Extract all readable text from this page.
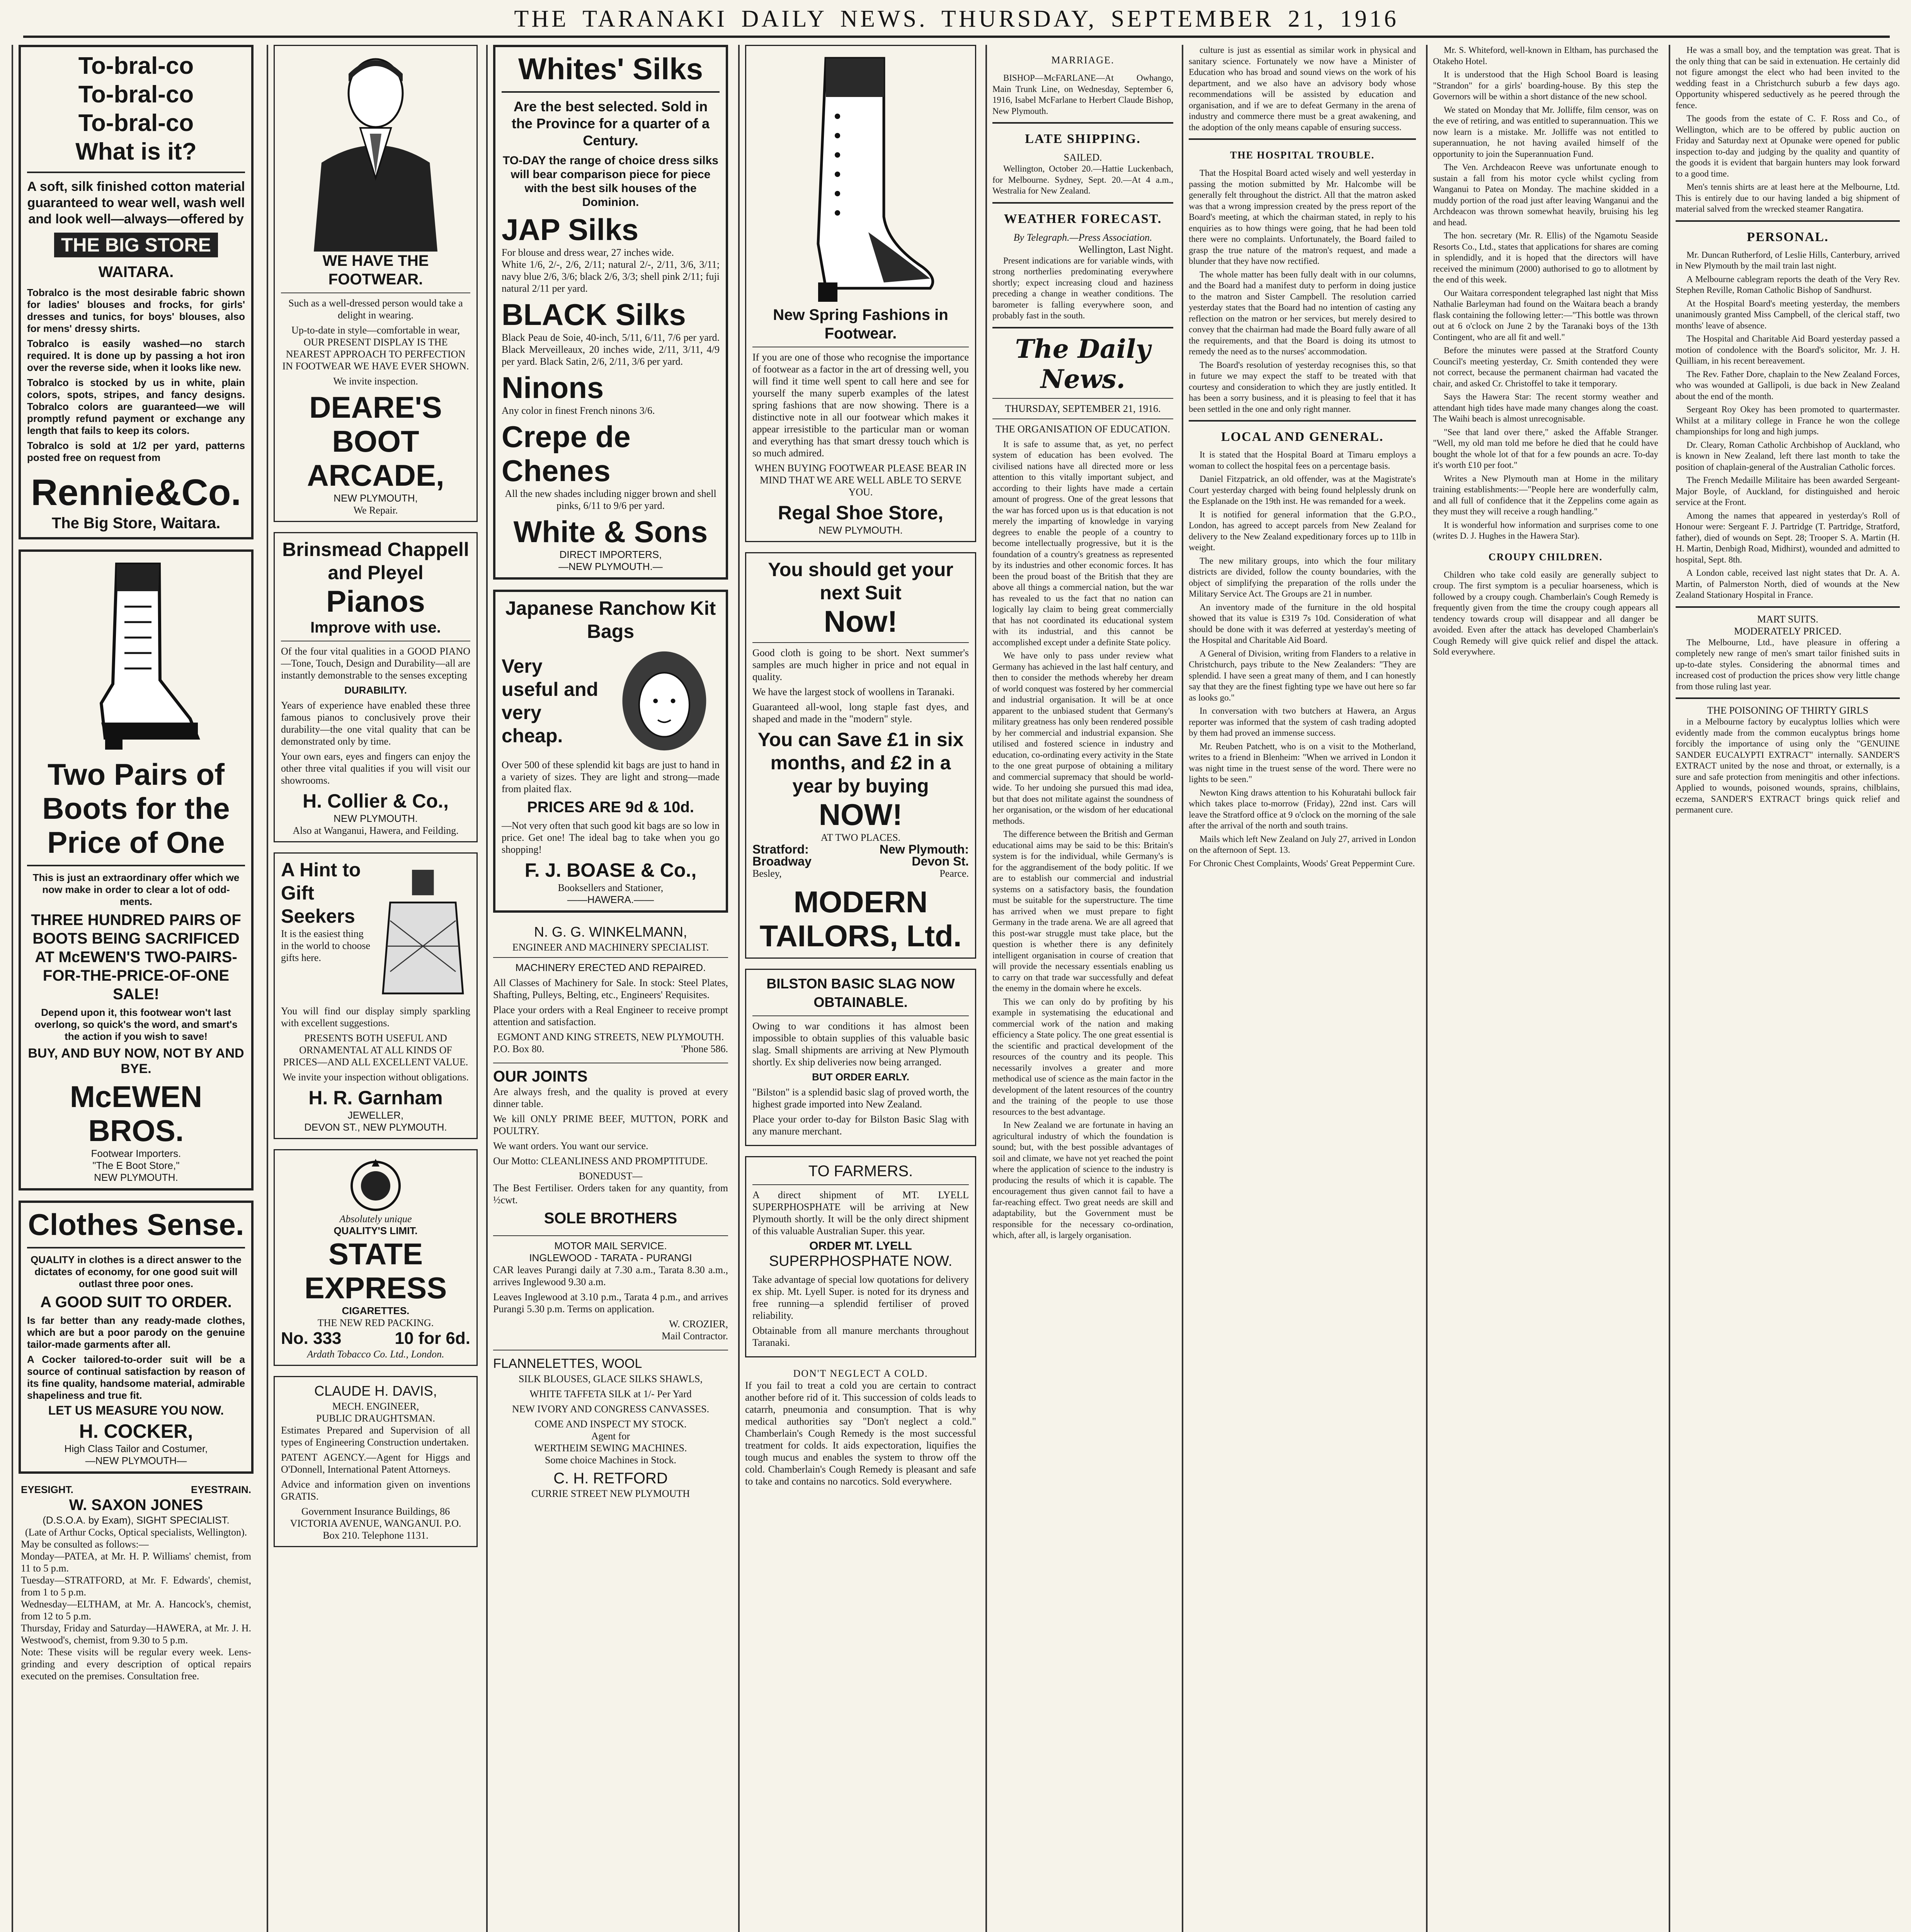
THE TARANAKI DAILY NEWS. THURSDAY, SEPTEMBER 21, 1916
To-bral-co
To-bral-co
To-bral-co
What is it?
A soft, silk finished cotton material guaranteed to wear well, wash well and look well—always—offered by
THE BIG STORE
WAITARA.
Tobralco is the most desirable fabric shown for ladies' blouses and frocks, for girls' dresses and tunics, for boys' blouses, also for mens' dressy shirts.
Tobralco is easily washed—no starch required. It is done up by passing a hot iron over the reverse side, when it looks like new.
Tobralco is stocked by us in white, plain colors, spots, stripes, and fancy designs. Tobralco colors are guaranteed—we will promptly refund payment or exchange any length that fails to keep its colors.
Tobralco is sold at 1/2 per yard, patterns posted free on request from
Rennie&Co.
The Big Store, Waitara.
Two Pairs of Boots for the Price of One
This is just an extraordinary offer which we now make in order to clear a lot of odd-ments.
THREE HUNDRED PAIRS OF BOOTS BEING SACRIFICED AT McEWEN'S TWO-PAIRS-FOR-THE-PRICE-OF-ONE SALE!
Depend upon it, this footwear won't last overlong, so quick's the word, and smart's the action if you wish to save!
BUY, AND BUY NOW, NOT BY AND BYE.
McEWEN BROS.
Footwear Importers.
"The E Boot Store,"
NEW PLYMOUTH.
Clothes Sense.
QUALITY in clothes is a direct answer to the dictates of economy, for one good suit will outlast three poor ones.
A GOOD SUIT TO ORDER.
Is far better than any ready-made clothes, which are but a poor parody on the genuine tailor-made garments after all.
A Cocker tailored-to-order suit will be a source of continual satisfaction by reason of its fine quality, handsome material, admirable shapeliness and true fit.
LET US MEASURE YOU NOW.
H. COCKER,
High Class Tailor and Costumer,
—NEW PLYMOUTH—
EYESIGHT.	EYESTRAIN.
W. SAXON JONES
(D.S.O.A. by Exam), SIGHT SPECIALIST.
(Late of Arthur Cocks, Optical specialists, Wellington).
May be consulted as follows:—
Monday—PATEA, at Mr. H. P. Williams' chemist, from 11 to 5 p.m.
Tuesday—STRATFORD, at Mr. F. Edwards', chemist, from 1 to 5 p.m.
Wednesday—ELTHAM, at Mr. A. Hancock's, chemist, from 12 to 5 p.m.
Thursday, Friday and Saturday—HAWERA, at Mr. J. H. Westwood's, chemist, from 9.30 to 5 p.m.
Note: These visits will be regular every week. Lens-grinding and every description of optical repairs executed on the premises. Consultation free.
WE HAVE THE FOOTWEAR.
Such as a well-dressed person would take a delight in wearing.
Up-to-date in style—comfortable in wear, OUR PRESENT DISPLAY IS THE NEAREST APPROACH TO PERFECTION IN FOOTWEAR WE HAVE EVER SHOWN.
We invite inspection.
DEARE'S BOOT ARCADE,
NEW PLYMOUTH,
We Repair.
Brinsmead Chappell and Pleyel
Pianos
Improve with use.
Of the four vital qualities in a GOOD PIANO—Tone, Touch, Design and Durability—all are instantly demonstrable to the senses excepting
DURABILITY.
Years of experience have enabled these three famous pianos to conclusively prove their durability—the one vital quality that can be demonstrated only by time.
Your own ears, eyes and fingers can enjoy the other three vital qualities if you will visit our showrooms.
H. Collier & Co.,
NEW PLYMOUTH.
Also at Wanganui, Hawera, and Feilding.
A Hint to Gift Seekers
It is the easiest thing in the world to choose gifts here.
You will find our display simply sparkling with excellent suggestions.
PRESENTS BOTH USEFUL AND ORNAMENTAL AT ALL KINDS OF PRICES—AND ALL EXCELLENT VALUE.
We invite your inspection without obligations.
H. R. Garnham
JEWELLER,
DEVON ST., NEW PLYMOUTH.
Absolutely unique
QUALITY'S LIMIT.
STATE EXPRESS
CIGARETTES.
THE NEW RED PACKING.
No. 333	10 for 6d.
Ardath Tobacco Co. Ltd., London.
CLAUDE H. DAVIS,
MECH. ENGINEER,
PUBLIC DRAUGHTSMAN.
Estimates Prepared and Supervision of all types of Engineering Construction undertaken.
PATENT AGENCY.—Agent for Higgs and O'Donnell, International Patent Attorneys.
Advice and information given on inventions GRATIS.
Government Insurance Buildings, 86 VICTORIA AVENUE, WANGANUI. P.O. Box 210. Telephone 1131.
Whites' Silks
Are the best selected. Sold in the Province for a quarter of a Century.
TO-DAY the range of choice dress silks will bear comparison piece for piece with the best silk houses of the Dominion.
JAP Silks
For blouse and dress wear, 27 inches wide.
White 1/6, 2/-, 2/6, 2/11; natural 2/-, 2/11, 3/6, 3/11; navy blue 2/6, 3/6; black 2/6, 3/3; shell pink 2/11; fuji natural 2/11 per yard.
BLACK Silks
Black Peau de Soie, 40-inch, 5/11, 6/11, 7/6 per yard. Black Merveilleaux, 20 inches wide, 2/11, 3/11, 4/9 per yard. Black Satin, 2/6, 2/11, 3/6 per yard.
Ninons
Any color in finest French ninons 3/6.
Crepe de Chenes
All the new shades including nigger brown and shell pinks, 6/11 to 9/6 per yard.
White & Sons
DIRECT IMPORTERS,
—NEW PLYMOUTH.—
Japanese Ranchow Kit Bags
Very useful and very cheap.
Over 500 of these splendid kit bags are just to hand in a variety of sizes. They are light and strong—made from plaited flax.
PRICES ARE 9d & 10d.
—Not very often that such good kit bags are so low in price. Get one! The ideal bag to take when you go shopping!
F. J. BOASE & Co.,
Booksellers and Stationer,
——HAWERA.——
N. G. G. WINKELMANN,
ENGINEER AND MACHINERY SPECIALIST.
MACHINERY ERECTED AND REPAIRED.
All Classes of Machinery for Sale. In stock: Steel Plates, Shafting, Pulleys, Belting, etc., Engineers' Requisites.
Place your orders with a Real Engineer to receive prompt attention and satisfaction.
EGMONT AND KING STREETS, NEW PLYMOUTH.
P.O. Box 80.	'Phone 586.
OUR JOINTS
Are always fresh, and the quality is proved at every dinner table.
We kill ONLY PRIME BEEF, MUTTON, PORK and POULTRY.
We want orders. You want our service.
Our Motto: CLEANLINESS AND PROMPTITUDE.
BONEDUST—
The Best Fertiliser. Orders taken for any quantity, from ½cwt.
SOLE BROTHERS
MOTOR MAIL SERVICE.
INGLEWOOD - TARATA - PURANGI
CAR leaves Purangi daily at 7.30 a.m., Tarata 8.30 a.m., arrives Inglewood 9.30 a.m.
Leaves Inglewood at 3.10 p.m., Tarata 4 p.m., and arrives Purangi 5.30 p.m. Terms on application.
W. CROZIER,
Mail Contractor.
FLANNELETTES, WOOL
SILK BLOUSES, GLACE SILKS SHAWLS,
WHITE TAFFETA SILK at 1/- Per Yard
NEW IVORY AND CONGRESS CANVASSES.
COME AND INSPECT MY STOCK.
Agent for
WERTHEIM SEWING MACHINES.
Some choice Machines in Stock.
C. H. RETFORD
CURRIE STREET NEW PLYMOUTH
New Spring Fashions in Footwear.
If you are one of those who recognise the importance of footwear as a factor in the art of dressing well, you will find it time well spent to call here and see for yourself the many superb examples of the latest spring fashions that are now showing. There is a distinctive note in all our footwear which makes it appear irresistible to the particular man or woman and everything has that smart dressy touch which is so much admired.
WHEN BUYING FOOTWEAR PLEASE BEAR IN MIND THAT WE ARE WELL ABLE TO SERVE YOU.
Regal Shoe Store,
NEW PLYMOUTH.
You should get your next Suit
Now!
Good cloth is going to be short. Next summer's samples are much higher in price and not equal in quality.
We have the largest stock of woollens in Taranaki.
Guaranteed all-wool, long staple fast dyes, and shaped and made in the "modern" style.
You can Save £1 in six months, and £2 in a year by buying
NOW!
AT TWO PLACES.
Stratford:	New Plymouth:
Broadway	Devon St.
Besley,	Pearce.
MODERN TAILORS, Ltd.
BILSTON BASIC SLAG NOW OBTAINABLE.
Owing to war conditions it has almost been impossible to obtain supplies of this valuable basic slag. Small shipments are arriving at New Plymouth shortly. Ex ship deliveries now being arranged.
BUT ORDER EARLY.
"Bilston" is a splendid basic slag of proved worth, the highest grade imported into New Zealand.
Place your order to-day for Bilston Basic Slag with any manure merchant.
TO FARMERS.
A direct shipment of MT. LYELL SUPERPHOSPHATE will be arriving at New Plymouth shortly. It will be the only direct shipment of this valuable Australian Super. this year.
ORDER MT. LYELL
SUPERPHOSPHATE NOW.
Take advantage of special low quotations for delivery ex ship. Mt. Lyell Super. is noted for its dryness and free running—a splendid fertiliser of proved reliability.
Obtainable from all manure merchants throughout Taranaki.
DON'T NEGLECT A COLD.
If you fail to treat a cold you are certain to contract another before rid of it. This succession of colds leads to catarrh, pneumonia and consumption. That is why medical authorities say "Don't neglect a cold." Chamberlain's Cough Remedy is the most successful treatment for colds. It aids expectoration, liquifies the tough mucus and enables the system to throw off the cold. Chamberlain's Cough Remedy is pleasant and safe to take and contains no narcotics. Sold everywhere.
MARRIAGE.

BISHOP—McFARLANE—At Owhango, Main Trunk Line, on Wednesday, September 6, 1916, Isabel McFarlane to Herbert Claude Bishop, New Plymouth.

LATE SHIPPING.
SAILED.

Wellington, October 20.—Hattie Luckenbach, for Melbourne. Sydney, Sept. 20.—At 4 a.m., Westralia for New Zealand.

WEATHER FORECAST.
By Telegraph.—Press Association.
Wellington, Last Night.

Present indications are for variable winds, with strong northerlies predominating everywhere shortly; expect increasing cloud and haziness preceding a change in weather conditions. The barometer is falling everywhere soon, and probably fast in the south.

The Daily News.
THURSDAY, SEPTEMBER 21, 1916.
THE ORGANISATION OF EDUCATION.

It is safe to assume that, as yet, no perfect system of education has been evolved. The civilised nations have all directed more or less attention to this vitally important subject, and according to their lights have made a certain amount of progress. One of the great lessons that the war has forced upon us is that education is not merely the imparting of knowledge in varying degrees to enable the people of a country to become intellectually progressive, but it is the foundation of a country's greatness as represented by its industries and other economic forces. It has been the proud boast of the British that they are above all things a commercial nation, but the war has revealed to us the fact that no nation can logically lay claim to being great commercially that has not coordinated its educational system with its industrial, and this cannot be accomplished except under a definite State policy.

We have only to pass under review what Germany has achieved in the last half century, and then to consider the methods whereby her dream of world conquest was fostered by her commercial and industrial organisation. It will be at once apparent to the unbiased student that Germany's military greatness has only been rendered possible by her commercial and industrial expansion. She utilised and fostered science in industry and education, co-ordinating every activity in the State to the one great purpose of obtaining a military and commercial supremacy that should be world-wide. To her undoing she pursued this mad idea, but that does not militate against the soundness of her organisation, or the wisdom of her educational methods.

The difference between the British and German educational aims may be said to be this: Britain's system is for the individual, while Germany's is for the aggrandisement of the body politic. If we are to establish our commercial and industrial systems on a satisfactory basis, the foundation must be suitable for the superstructure. The time has arrived when we must prepare to fight Germany in the trade arena. We are all agreed that this post-war struggle must take place, but the question is whether there is any definitely intelligent organisation in course of creation that will provide the necessary essentials enabling us to carry on that trade war successfully and defeat the enemy in the domain where he excels.

This we can only do by profiting by his example in systematising the educational and commercial work of the nation and making efficiency a State policy. The one great essential is the scientific and practical development of the resources of the country and its people. This necessarily involves a greater and more methodical use of science as the main factor in the development of the latent resources of the country and the training of the people to use those resources to the best advantage.

In New Zealand we are fortunate in having an agricultural industry of which the foundation is sound; but, with the best possible advantages of soil and climate, we have not yet reached the point where the application of science to the industry is producing the results of which it is capable. The encouragement thus given cannot fail to have a far-reaching effect. Two great needs are skill and adaptability, but the Government must be responsible for the necessary co-ordination, which, after all, is largely organisation.

culture is just as essential as similar work in physical and sanitary science. Fortunately we now have a Minister of Education who has broad and sound views on the work of his department, and we also have an advisory body whose recommendations will be assisted by education and organisation, and if we are to defeat Germany in the arena of industry and commerce there must be a great awakening, and the adoption of the only means capable of ensuring success.

THE HOSPITAL TROUBLE.

That the Hospital Board acted wisely and well yesterday in passing the motion submitted by Mr. Halcombe will be generally felt throughout the district. All that the matron asked was that a wrong impression created by the press report of the Board's meeting, at which the chairman stated, in reply to his enquiries as to how things were going, that he had been told there were no complaints. Unfortunately, the Board failed to grasp the true nature of the matron's request, and made a blunder that they have now rectified.

The whole matter has been fully dealt with in our columns, and the Board had a manifest duty to perform in doing justice to the matron and Sister Campbell. The resolution carried yesterday states that the Board had no intention of casting any reflection on the matron or her services, but merely desired to convey that the chairman had made the Board fully aware of all the requirements, and that the Board is doing its utmost to remedy the need as to the nurses' accommodation.

The Board's resolution of yesterday recognises this, so that in future we may expect the staff to be treated with that courtesy and consideration to which they are justly entitled. It has been a sorry business, and it is pleasing to feel that it has been settled in the one and only right manner.

LOCAL AND GENERAL.

It is stated that the Hospital Board at Timaru employs a woman to collect the hospital fees on a percentage basis.

Daniel Fitzpatrick, an old offender, was at the Magistrate's Court yesterday charged with being found helplessly drunk on the Esplanade on the 19th inst. He was remanded for a week.

It is notified for general information that the G.P.O., London, has agreed to accept parcels from New Zealand for delivery to the New Zealand expeditionary forces up to 11lb in weight.

The new military groups, into which the four military districts are divided, follow the county boundaries, with the object of simplifying the preparation of the rolls under the Military Service Act. The Groups are 21 in number.

An inventory made of the furniture in the old hospital showed that its value is £319 7s 10d. Consideration of what should be done with it was deferred at yesterday's meeting of the Hospital and Charitable Aid Board.

A General of Division, writing from Flanders to a relative in Christchurch, pays tribute to the New Zealanders: "They are splendid. I have seen a great many of them, and I can honestly say that they are the finest fighting type we have out here so far as looks go."

In conversation with two butchers at Hawera, an Argus reporter was informed that the system of cash trading adopted by them had proved an immense success.

Mr. Reuben Patchett, who is on a visit to the Motherland, writes to a friend in Blenheim: "When we arrived in London it was night time in the truest sense of the word. There were no lights to be seen."

Newton King draws attention to his Kohuratahi bullock fair which takes place to-morrow (Friday), 22nd inst. Cars will leave the Stratford office at 9 o'clock on the morning of the sale after the arrival of the north and south trains.

Mails which left New Zealand on July 27, arrived in London on the afternoon of Sept. 13.

For Chronic Chest Complaints, Woods' Great Peppermint Cure.

Mr. S. Whiteford, well-known in Eltham, has purchased the Otakeho Hotel.

It is understood that the High School Board is leasing "Strandon" for a girls' boarding-house. By this step the Governors will be within a short distance of the new school.

We stated on Monday that Mr. Jolliffe, film censor, was on the eve of retiring, and was entitled to superannuation. This we now learn is a mistake. Mr. Jolliffe was not entitled to superannuation, he not having availed himself of the opportunity to join the Superannuation Fund.

The Ven. Archdeacon Reeve was unfortunate enough to sustain a fall from his motor cycle whilst cycling from Wanganui to Patea on Monday. The machine skidded in a muddy portion of the road just after leaving Wanganui and the Archdeacon was thrown somewhat heavily, bruising his leg and head.

The hon. secretary (Mr. R. Ellis) of the Ngamotu Seaside Resorts Co., Ltd., states that applications for shares are coming in splendidly, and it is hoped that the directors will have received the minimum (2000) authorised to go to allotment by the end of this week.

Our Waitara correspondent telegraphed last night that Miss Nathalie Barleyman had found on the Waitara beach a brandy flask containing the following letter:—"This bottle was thrown out at 6 o'clock on June 2 by the Taranaki boys of the 13th Contingent, who are all fit and well."

Before the minutes were passed at the Stratford County Council's meeting yesterday, Cr. Smith contended they were not correct, because the permanent chairman had vacated the chair, and asked Cr. Christoffel to take it temporary.

Says the Hawera Star: The recent stormy weather and attendant high tides have made many changes along the coast. The Waihi beach is almost unrecognisable.

"See that land over there," asked the Affable Stranger. "Well, my old man told me before he died that he could have bought the whole lot of that for a few pounds an acre. To-day it's worth £10 per foot."

Writes a New Plymouth man at Home in the military training establishments:—"People here are wonderfully calm, and all full of confidence that it the Zeppelins come again as they must they will receive a rough handling."

It is wonderful how information and surprises come to one (writes D. J. Hughes in the Hawera Star).

CROUPY CHILDREN.

Children who take cold easily are generally subject to croup. The first symptom is a peculiar hoarseness, which is followed by a croupy cough. Chamberlain's Cough Remedy is frequently given from the time the croupy cough appears all tendency towards croup will disappear and all danger be avoided. Even after the attack has developed Chamberlain's Cough Remedy will give quick relief and dispel the attack. Sold everywhere.

He was a small boy, and the temptation was great. That is the only thing that can be said in extenuation. He certainly did not figure amongst the elect who had been invited to the wedding feast in a Christchurch suburb a few days ago. Opportunity whispered seductively as he peered through the fence.

The goods from the estate of C. F. Ross and Co., of Wellington, which are to be offered by public auction on Friday and Saturday next at Opunake were opened for public inspection to-day and judging by the quality and quantity of the goods it is evident that bargain hunters may look forward to a good time.

Men's tennis shirts are at least here at the Melbourne, Ltd. This is entirely due to our having landed a big shipment of material salved from the wrecked steamer Rangatira.

PERSONAL.

Mr. Duncan Rutherford, of Leslie Hills, Canterbury, arrived in New Plymouth by the mail train last night.

A Melbourne cablegram reports the death of the Very Rev. Stephen Reville, Roman Catholic Bishop of Sandhurst.

At the Hospital Board's meeting yesterday, the members unanimously granted Miss Campbell, of the clerical staff, two months' leave of absence.

The Hospital and Charitable Aid Board yesterday passed a motion of condolence with the Board's solicitor, Mr. J. H. Quilliam, in his recent bereavement.

The Rev. Father Dore, chaplain to the New Zealand Forces, who was wounded at Gallipoli, is due back in New Zealand about the end of the month.

Sergeant Roy Okey has been promoted to quartermaster. Whilst at a military college in France he won the college championships for long and high jumps.

Dr. Cleary, Roman Catholic Archbishop of Auckland, who is known in New Zealand, left there last month to take the position of chaplain-general of the Australian Catholic forces.

The French Medaille Militaire has been awarded Sergeant-Major Boyle, of Auckland, for distinguished and heroic service at the Front.

Among the names that appeared in yesterday's Roll of Honour were: Sergeant F. J. Partridge (T. Partridge, Stratford, father), died of wounds on Sept. 28; Trooper S. A. Martin (H. H. Martin, Denbigh Road, Midhirst), wounded and admitted to hospital, Sept. 8th.

A London cable, received last night states that Dr. A. A. Martin, of Palmerston North, died of wounds at the New Zealand Stationary Hospital in France.

MART SUITS.
MODERATELY PRICED.

The Melbourne, Ltd., have pleasure in offering a completely new range of men's smart tailor finished suits in up-to-date styles. Considering the abnormal times and increased cost of production the prices show very little change from those ruling last year.

THE POISONING OF THIRTY GIRLS

in a Melbourne factory by eucalyptus lollies which were evidently made from the common eucalyptus brings home forcibly the importance of using only the "GENUINE SANDER EUCALYPTI EXTRACT" internally. SANDER'S EXTRACT united by the nose and throat, or externally, is a sure and safe protection from meningitis and other infections. Applied to wounds, poisoned wounds, sprains, chilblains, eczema, SANDER'S EXTRACT brings quick relief and permanent cure.
